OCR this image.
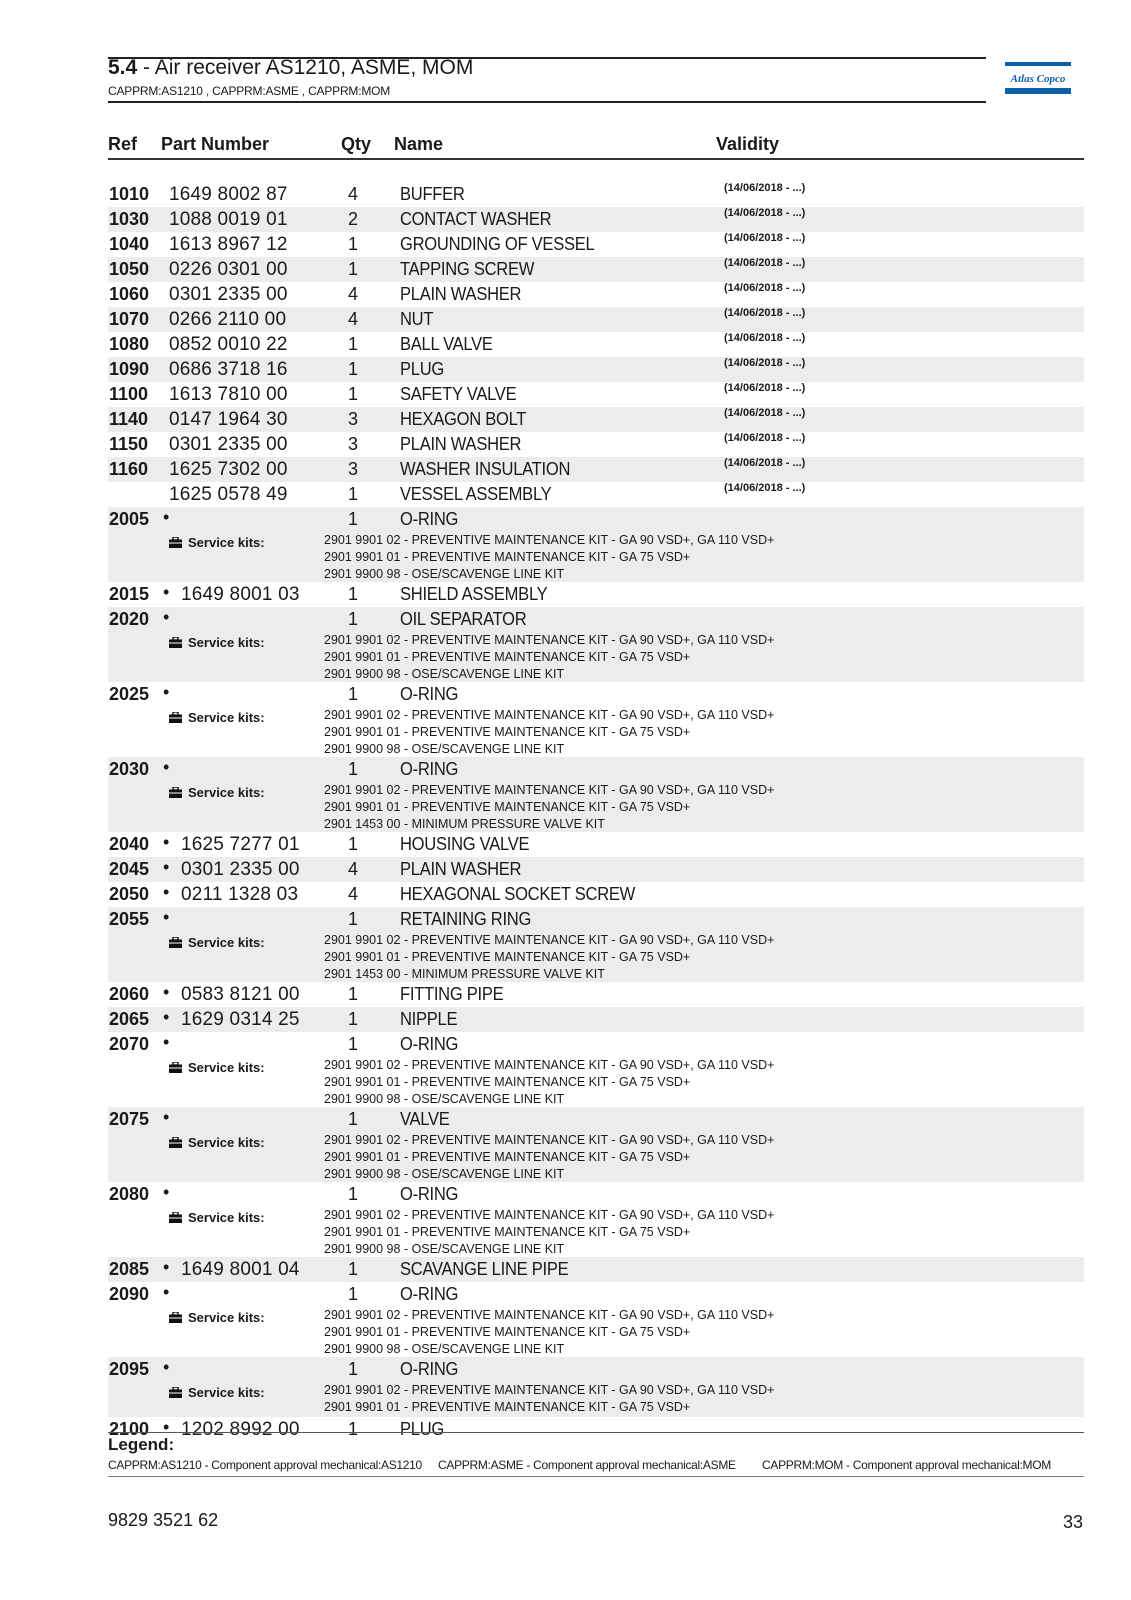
5.4 - Air receiver AS1210, ASME, MOM
CAPPRM:AS1210 , CAPPRM:ASME , CAPPRM:MOM
Atlas Copco
Ref Part Number	Qty Name	Validity
1010 1649 8002 87	4 BUFFER	(14/06/2018 - ...)
1030 1088 0019 01	2 CONTACT WASHER	(14/06/2018 - ...)
1040 1613 8967 12	1 GROUNDING OF VESSEL	(14/06/2018 - ...)
1050 0226 0301 00	1 TAPPING SCREW	(14/06/2018 - ...)
1060 0301 2335 00	4 PLAIN WASHER	(14/06/2018 - ...)
1070 0266 2110 00	4 NUT	(14/06/2018 - ...)
1080 0852 0010 22	1 BALL VALVE	(14/06/2018 - ...)
1090 0686 3718 16	1 PLUG	(14/06/2018 - ...)
1100 1613 7810 00	1 SAFETY VALVE	(14/06/2018 - ...)
1140 0147 1964 30	3 HEXAGON BOLT	(14/06/2018 - ...)
1150 0301 2335 00	3 PLAIN WASHER	(14/06/2018 - ...)
1160 1625 7302 00	3 WASHER INSULATION	(14/06/2018 - ...)
1625 0578 49	1 VESSEL ASSEMBLY	(14/06/2018 - ...)
2005 •	1 O-RING
Service kits:	2901 9901 02 - PREVENTIVE MAINTENANCE KIT - GA 90 VSD+, GA 110 VSD+
2901 9901 01 - PREVENTIVE MAINTENANCE KIT - GA 75 VSD+
2901 9900 98 - OSE/SCAVENGE LINE KIT
2015 • 1649 8001 03	1 SHIELD ASSEMBLY
2020 •	1 OIL SEPARATOR
Service kits:	2901 9901 02 - PREVENTIVE MAINTENANCE KIT - GA 90 VSD+, GA 110 VSD+
2901 9901 01 - PREVENTIVE MAINTENANCE KIT - GA 75 VSD+
2901 9900 98 - OSE/SCAVENGE LINE KIT
2025 •	1 O-RING
Service kits:	2901 9901 02 - PREVENTIVE MAINTENANCE KIT - GA 90 VSD+, GA 110 VSD+
2901 9901 01 - PREVENTIVE MAINTENANCE KIT - GA 75 VSD+
2901 9900 98 - OSE/SCAVENGE LINE KIT
2030 •	1 O-RING
Service kits:	2901 9901 02 - PREVENTIVE MAINTENANCE KIT - GA 90 VSD+, GA 110 VSD+
2901 9901 01 - PREVENTIVE MAINTENANCE KIT - GA 75 VSD+
2901 1453 00 - MINIMUM PRESSURE VALVE KIT
2040 • 1625 7277 01	1 HOUSING VALVE
2045 • 0301 2335 00	4 PLAIN WASHER
2050 • 0211 1328 03	4 HEXAGONAL SOCKET SCREW
2055 •	1 RETAINING RING
Service kits:	2901 9901 02 - PREVENTIVE MAINTENANCE KIT - GA 90 VSD+, GA 110 VSD+
2901 9901 01 - PREVENTIVE MAINTENANCE KIT - GA 75 VSD+
2901 1453 00 - MINIMUM PRESSURE VALVE KIT
2060 • 0583 8121 00	1 FITTING PIPE
2065 • 1629 0314 25	1 NIPPLE
2070 •	1 O-RING
Service kits:	2901 9901 02 - PREVENTIVE MAINTENANCE KIT - GA 90 VSD+, GA 110 VSD+
2901 9901 01 - PREVENTIVE MAINTENANCE KIT - GA 75 VSD+
2901 9900 98 - OSE/SCAVENGE LINE KIT
2075 •	1 VALVE
Service kits:	2901 9901 02 - PREVENTIVE MAINTENANCE KIT - GA 90 VSD+, GA 110 VSD+
2901 9901 01 - PREVENTIVE MAINTENANCE KIT - GA 75 VSD+
2901 9900 98 - OSE/SCAVENGE LINE KIT
2080 •	1 O-RING
Service kits:	2901 9901 02 - PREVENTIVE MAINTENANCE KIT - GA 90 VSD+, GA 110 VSD+
2901 9901 01 - PREVENTIVE MAINTENANCE KIT - GA 75 VSD+
2901 9900 98 - OSE/SCAVENGE LINE KIT
2085 • 1649 8001 04	1 SCAVANGE LINE PIPE
2090 •	1 O-RING
Service kits:	2901 9901 02 - PREVENTIVE MAINTENANCE KIT - GA 90 VSD+, GA 110 VSD+
2901 9901 01 - PREVENTIVE MAINTENANCE KIT - GA 75 VSD+
2901 9900 98 - OSE/SCAVENGE LINE KIT
2095 •	1 O-RING
Service kits:	2901 9901 02 - PREVENTIVE MAINTENANCE KIT - GA 90 VSD+, GA 110 VSD+
2901 9901 01 - PREVENTIVE MAINTENANCE KIT - GA 75 VSD+
2100 • 1202 8992 00	1 PLUG
Legend:
CAPPRM:AS1210 - Component approval mechanical:AS1210 CAPPRM:ASME - Component approval mechanical:ASME CAPPRM:MOM - Component approval mechanical:MOM
9829 3521 62	33
